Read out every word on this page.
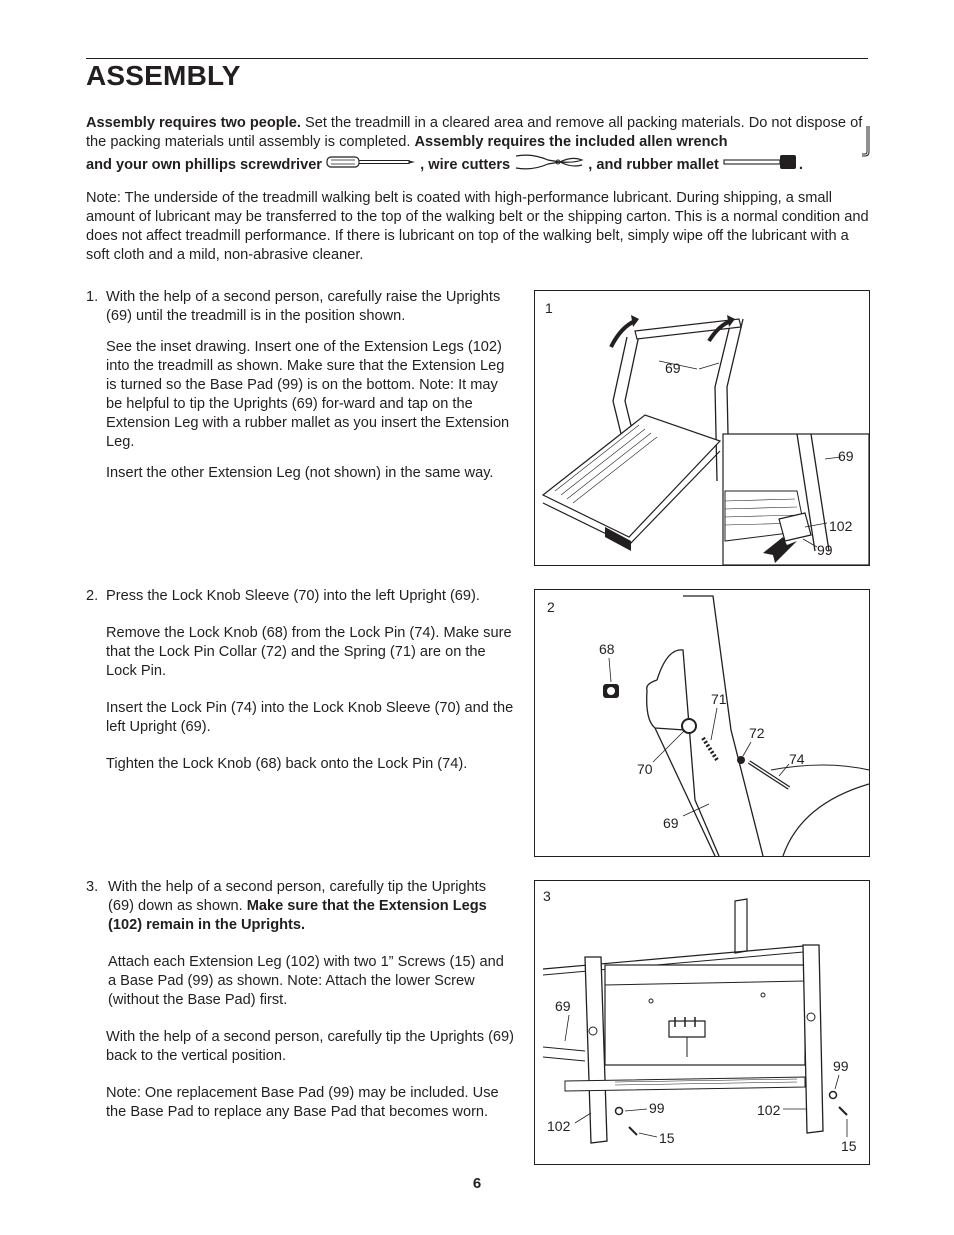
ASSEMBLY
Assembly requires two people. Set the treadmill in a cleared area and remove all packing materials. Do not dispose of the packing materials until assembly is completed. Assembly requires the included allen wrench

and your own phillips screwdriver	, wire cutters	, and rubber mallet	.
Note: The underside of the treadmill walking belt is coated with high-performance lubricant. During shipping, a small amount of lubricant may be transferred to the top of the walking belt or the shipping carton. This is a normal condition and does not affect treadmill performance. If there is lubricant on top of the walking belt, simply wipe off the lubricant with a soft cloth and a mild, non-abrasive cleaner.
1. With the help of a second person, carefully raise the Uprights (69) until the treadmill is in the position shown.

See the inset drawing. Insert one of the Extension Legs (102) into the treadmill as shown. Make sure that the Extension Leg is turned so the Base Pad (99) is on the bottom. Note: It may be helpful to tip the Uprights (69) for-ward and tap on the Extension Leg with a rubber mallet as you insert the Extension Leg.

Insert the other Extension Leg (not shown) in the same way.

1
69
69
102
99
2. Press the Lock Knob Sleeve (70) into the left Upright (69).

Remove the Lock Knob (68) from the Lock Pin (74). Make sure that the Lock Pin Collar (72) and the Spring (71) are on the Lock Pin.

Insert the Lock Pin (74) into the Lock Knob Sleeve (70) and the left Upright (69).

Tighten the Lock Knob (68) back onto the Lock Pin (74).

2
68
71
72
74
70
69
3. With the help of a second person, carefully tip the Uprights (69) down as shown. Make sure that the Extension Legs (102) remain in the Uprights.

Attach each Extension Leg (102) with two 1” Screws (15) and a Base Pad (99) as shown. Note: Attach the lower Screw (without the Base Pad) first.

With the help of a second person, carefully tip the Uprights (69) back to the vertical position.

Note: One replacement Base Pad (99) may be included. Use the Base Pad to replace any Base Pad that becomes worn.

3
69
99
99
102
102
15	15
6
